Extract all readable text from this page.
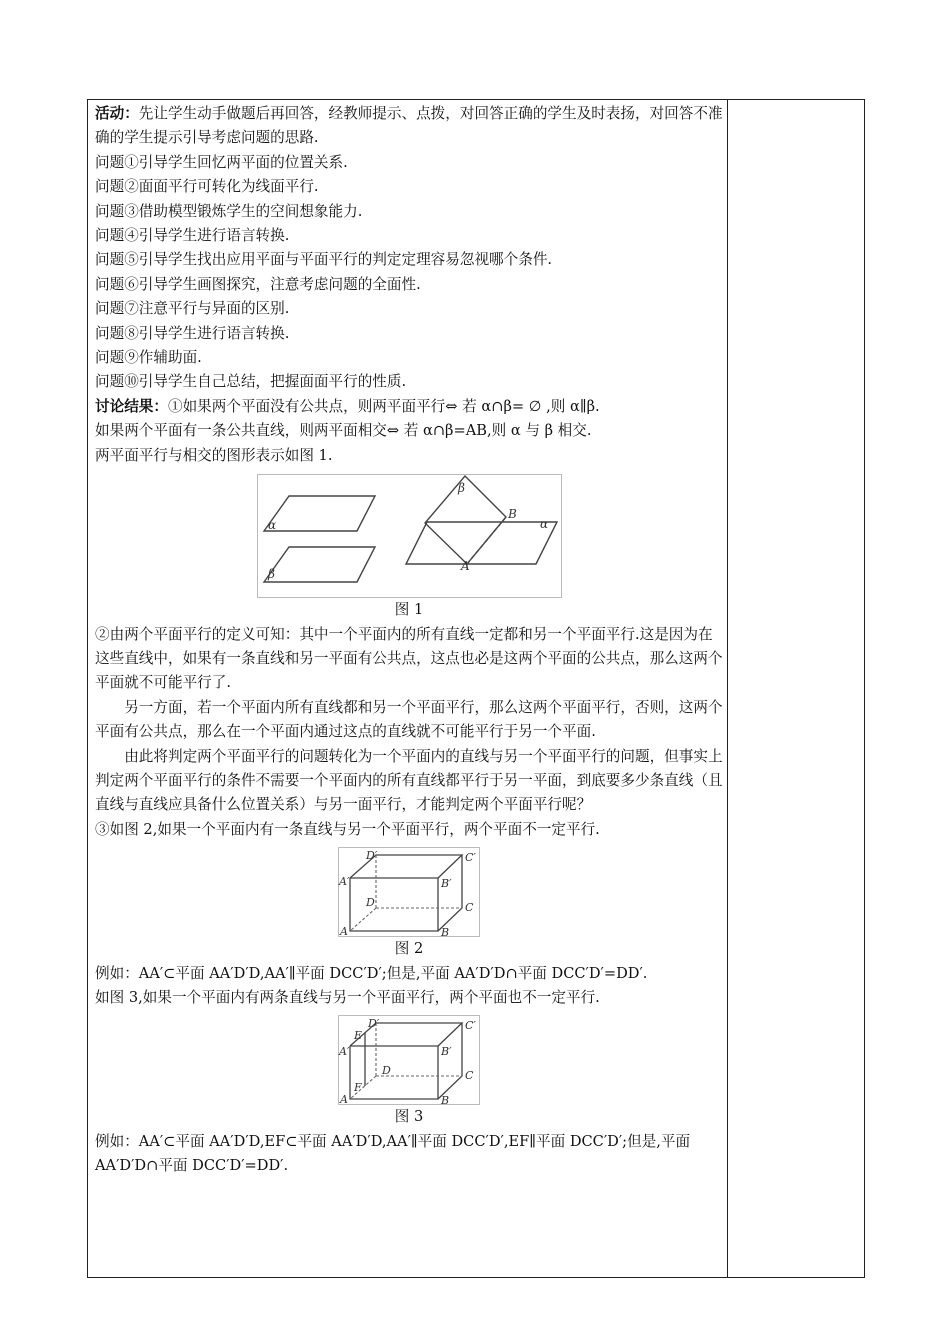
活动：先让学生动手做题后再回答，经教师提示、点拨，对回答正确的学生及时表扬，对回答不准确的学生提示引导考虑问题的思路.

问题①引导学生回忆两平面的位置关系.

问题②面面平行可转化为线面平行.

问题③借助模型锻炼学生的空间想象能力.

问题④引导学生进行语言转换.

问题⑤引导学生找出应用平面与平面平行的判定定理容易忽视哪个条件.

问题⑥引导学生画图探究，注意考虑问题的全面性.

问题⑦注意平行与异面的区别.

问题⑧引导学生进行语言转换.

问题⑨作辅助面.

问题⑩引导学生自己总结，把握面面平行的性质.

讨论结果：①如果两个平面没有公共点，则两平面平行⇔ 若 α∩β= ∅ ,则 α∥β.

如果两个平面有一条公共直线，则两平面相交⇔ 若 α∩β=AB,则 α 与 β 相交.

两平面平行与相交的图形表示如图 1.

α
β
β
B
α
A

图 1

②由两个平面平行的定义可知：其中一个平面内的所有直线一定都和另一个平面平行.这是因为在这些直线中，如果有一条直线和另一平面有公共点，这点也必是这两个平面的公共点，那么这两个平面就不可能平行了.

另一方面，若一个平面内所有直线都和另一个平面平行，那么这两个平面平行，否则，这两个平面有公共点，那么在一个平面内通过这点的直线就不可能平行于另一个平面.

由此将判定两个平面平行的问题转化为一个平面内的直线与另一个平面平行的问题，但事实上判定两个平面平行的条件不需要一个平面内的所有直线都平行于另一平面，到底要多少条直线（且直线与直线应具备什么位置关系）与另一面平行，才能判定两个平面平行呢？

③如图 2,如果一个平面内有一条直线与另一个平面平行，两个平面不一定平行.

D′	C′
A′	B′
D	C
A	B

图 2

例如：AA′⊂平面 AA′D′D,AA′∥平面 DCC′D′;但是,平面 AA′D′D∩平面 DCC′D′=DD′.

如图 3,如果一个平面内有两条直线与另一个平面平行，两个平面也不一定平行.

D′	C′
E
A′	B′
D
F
C
A	B

图 3

例如：AA′⊂平面 AA′D′D,EF⊂平面 AA′D′D,AA′∥平面 DCC′D′,EF∥平面 DCC′D′;但是,平面 AA′D′D∩平面 DCC′D′=DD′.
